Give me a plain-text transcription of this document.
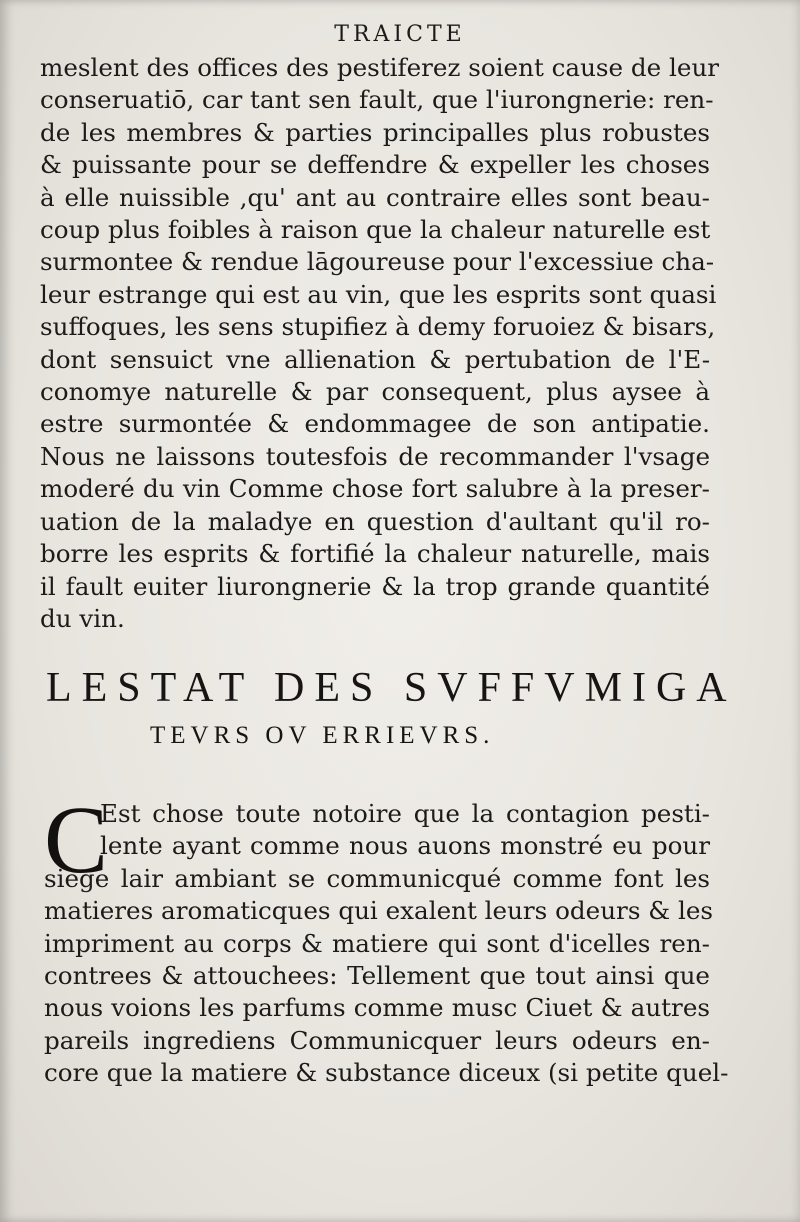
TRAICTE
meslent des offices des pestiferez soient cause de leur
conseruatiō, car tant sen fault, que l'iurongnerie: ren-
de les membres & parties principalles plus robustes
& puissante pour se deffendre & expeller les choses
à elle nuissible ,qu' ant au contraire elles sont beau-
coup plus foibles à raison que la chaleur naturelle est
surmontee & rendue lāgoureuse pour l'excessiue cha-
leur estrange qui est au vin, que les esprits sont quasi
suffoques, les sens stupifiez à demy foruoiez & bisars,
dont sensuict vne allienation & pertubation de l'E-
conomye naturelle & par consequent, plus aysee à
estre surmontée & endommagee de son antipatie.
Nous ne laissons toutesfois de recommander l'vsage
moderé du vin Comme chose fort salubre à la preser-
uation de la maladye en question d'aultant qu'il ro-
borre les esprits & fortifié la chaleur naturelle, mais
il fault euiter liurongnerie & la trop grande quantité
du vin.
LESTAT DES SVFFVMIGA
TEVRS OV ERRIEVRS.
C
Est chose toute notoire que la contagion pesti-
lente ayant comme nous auons monstré eu pour
siege lair ambiant se communicqué comme font les
matieres aromaticques qui exalent leurs odeurs & les
impriment au corps & matiere qui sont d'icelles ren-
contrees & attouchees: Tellement que tout ainsi que
nous voions les parfums comme musc Ciuet & autres
pareils ingrediens Communicquer leurs odeurs en-
core que la matiere & substance diceux (si petite quel-
